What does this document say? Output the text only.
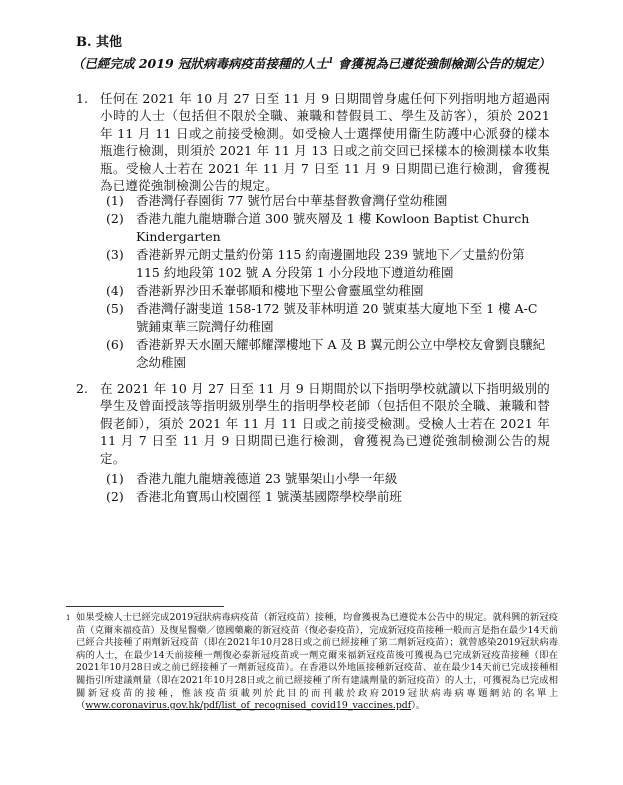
B. 其他
（已經完成 2019 冠狀病毒病疫苗接種的人士$^1$ 會獲視為已遵從強制檢測公告的規定）
1. 任何在 2021 年 10 月 27 日至 11 月 9 日期間曾身處任何下列指明地方超過兩小時的人士（包括但不限於全職、兼職和替假員工、學生及訪客），須於 2021 年 11 月 11 日或之前接受檢測。如受檢人士選擇使用衞生防護中心派發的樣本瓶進行檢測，則須於 2021 年 11 月 13 日或之前交回已採樣本的檢測樣本收集瓶。受檢人士若在 2021 年 11 月 7 日至 11 月 9 日期間已進行檢測，會獲視為已遵從強制檢測公告的規定。
(1) 香港灣仔春園街 77 號竹居台中華基督教會灣仔堂幼稚園
(2) 香港九龍九龍塘聯合道 300 號夾層及 1 樓 Kowloon Baptist Church Kindergarten
(3) 香港新界元朗丈量約份第 115 約南邊圍地段 239 號地下／丈量約份第 115 約地段第 102 號 A 分段第 1 小分段地下遵道幼稚園
(4) 香港新界沙田禾輋邨順和樓地下聖公會靈風堂幼稚園
(5) 香港灣仔謝斐道 158-172 號及菲林明道 20 號東基大廈地下至 1 樓 A-C 號鋪東華三院灣仔幼稚園
(6) 香港新界天水圍天耀邨耀澤樓地下 A 及 B 翼元朗公立中學校友會劉良驤紀念幼稚園
2. 在 2021 年 10 月 27 日至 11 月 9 日期間於以下指明學校就讀以下指明級別的學生及曾面授該等指明級別學生的指明學校老師（包括但不限於全職、兼職和替假老師），須於 2021 年 11 月 11 日或之前接受檢測。受檢人士若在 2021 年 11 月 7 日至 11 月 9 日期間已進行檢測，會獲視為已遵從強制檢測公告的規定。
(1) 香港九龍九龍塘義德道 23 號畢架山小學一年級
(2) 香港北角寶馬山校園徑 1 號漢基國際學校學前班
1 如果受檢人士已經完成2019冠狀病毒病疫苗（新冠疫苗）接種，均會獲視為已遵從本公告中的規定。就科興的新冠疫苗（克爾來福疫苗）及復星醫藥／德國藥廠的新冠疫苗（復必泰疫苗），完成新冠疫苗接種一般而言是指在最少14天前已經合共接種了兩劑新冠疫苗（即在2021年10月28日或之前已經接種了第二劑新冠疫苗）；就曾感染2019冠狀病毒病的人士，在最少14天前接種一劑復必泰新冠疫苗或一劑克爾來福新冠疫苗後可獲視為已完成新冠疫苗接種（即在2021年10月28日或之前已經接種了一劑新冠疫苗）。在香港以外地區接種新冠疫苗、並在最少14天前已完成接種相關指引所建議劑量（即在2021年10月28日或之前已經接種了所有建議劑量的新冠疫苗）的人士，可獲視為已完成相關新冠疫苗的接種，惟該疫苗須載列於此目的而刊載於政府2019冠狀病毒病專題網站的名單上（www.coronavirus.gov.hk/pdf/list_of_recognised_covid19_vaccines.pdf）。
